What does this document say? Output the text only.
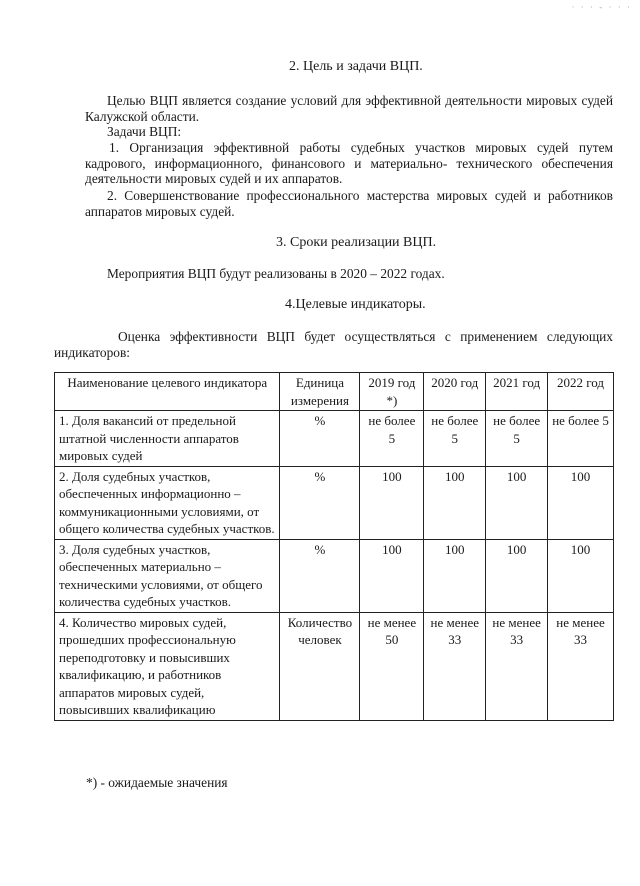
· · · - · · ·
2. Цель и задачи ВЦП.
Целью ВЦП является создание условий для эффективной деятельности мировых судей Калужской области.
Задачи ВЦП:
1. Организация эффективной работы судебных участков мировых судей путем кадрового, информационного, финансового и материально- технического обеспечения деятельности мировых судей и их аппаратов.
2. Совершенствование профессионального мастерства мировых судей и работников аппаратов мировых судей.
3. Сроки реализации ВЦП.
Мероприятия ВЦП будут реализованы в 2020 – 2022 годах.
4.Целевые индикаторы.
Оценка эффективности ВЦП будет осуществляться с применением следующих индикаторов:
Наименование целевого индикатора	Единица измерения	2019 год *)	2020 год	2021 год	2022 год
1. Доля вакансий от предельной штатной численности аппаратов мировых судей	%	не более 5	не более 5	не более 5	не более 5
2. Доля судебных участков, обеспеченных информационно – коммуникационными условиями, от общего количества судебных участков.	%	100	100	100	100
3. Доля судебных участков, обеспеченных материально – техническими условиями, от общего количества судебных участков.	%	100	100	100	100
4. Количество мировых судей, прошедших профессиональную переподготовку и повысивших квалификацию, и работников аппаратов мировых судей, повысивших квалификацию	Количество человек	не менее 50	не менее 33	не менее 33	не менее 33
*) - ожидаемые значения
